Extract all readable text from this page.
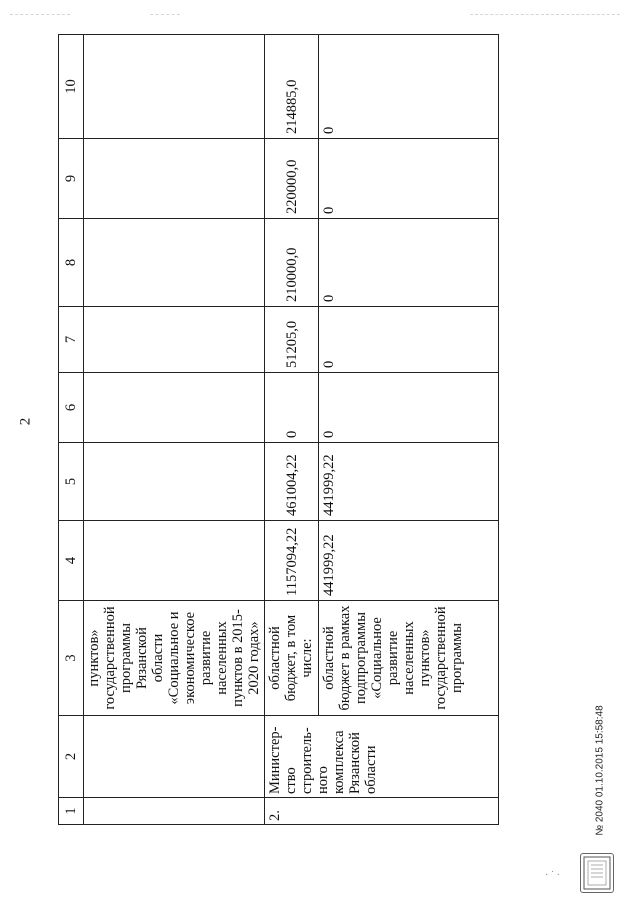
2
1	2	3	4	5	6	7	8	9	10
		пунктов» государственной программы Рязанской области «Социальное и экономическое развитие населенных пунктов в 2015-2020 годах»							
2.	Министер-ство строитель-ного комплекса Рязанской области	областной бюджет, в том числе:	1157094,22	461004,22	0	51205,0	210000,0	220000,0	214885,0
		областной бюджет в рамках подпрограммы «Социальное развитие населенных пунктов» государственной программы	441999,22	441999,22	0	0	0	0	0
№ 2040 01.10.2015 15:58:48
· ˙ ·
